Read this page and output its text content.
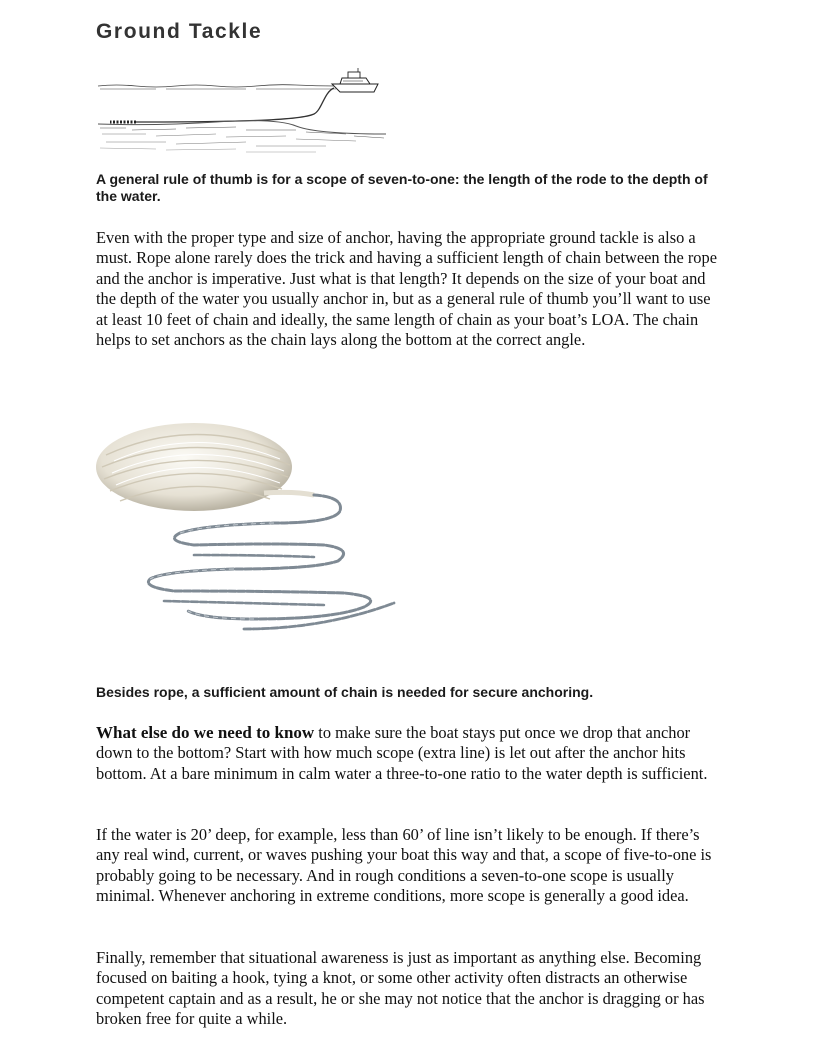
Ground Tackle

A general rule of thumb is for a scope of seven-to-one: the length of the rode to the depth of the water.

Even with the proper type and size of anchor, having the appropriate ground tackle is also a must. Rope alone rarely does the trick and having a sufficient length of chain between the rope and the anchor is imperative. Just what is that length? It depends on the size of your boat and the depth of the water you usually anchor in, but as a general rule of thumb you’ll want to use at least 10 feet of chain and ideally, the same length of chain as your boat’s LOA. The chain helps to set anchors as the chain lays along the bottom at the correct angle.

Besides rope, a sufficient amount of chain is needed for secure anchoring.

What else do we need to know to make sure the boat stays put once we drop that anchor down to the bottom? Start with how much scope (extra line) is let out after the anchor hits bottom. At a bare minimum in calm water a three-to-one ratio to the water depth is sufficient.

If the water is 20’ deep, for example, less than 60’ of line isn’t likely to be enough. If there’s any real wind, current, or waves pushing your boat this way and that, a scope of five-to-one is probably going to be necessary. And in rough conditions a seven-to-one scope is usually minimal. Whenever anchoring in extreme conditions, more scope is generally a good idea.

Finally, remember that situational awareness is just as important as anything else. Becoming focused on baiting a hook, tying a knot, or some other activity often distracts an otherwise competent captain and as a result, he or she may not notice that the anchor is dragging or has broken free for quite a while.
